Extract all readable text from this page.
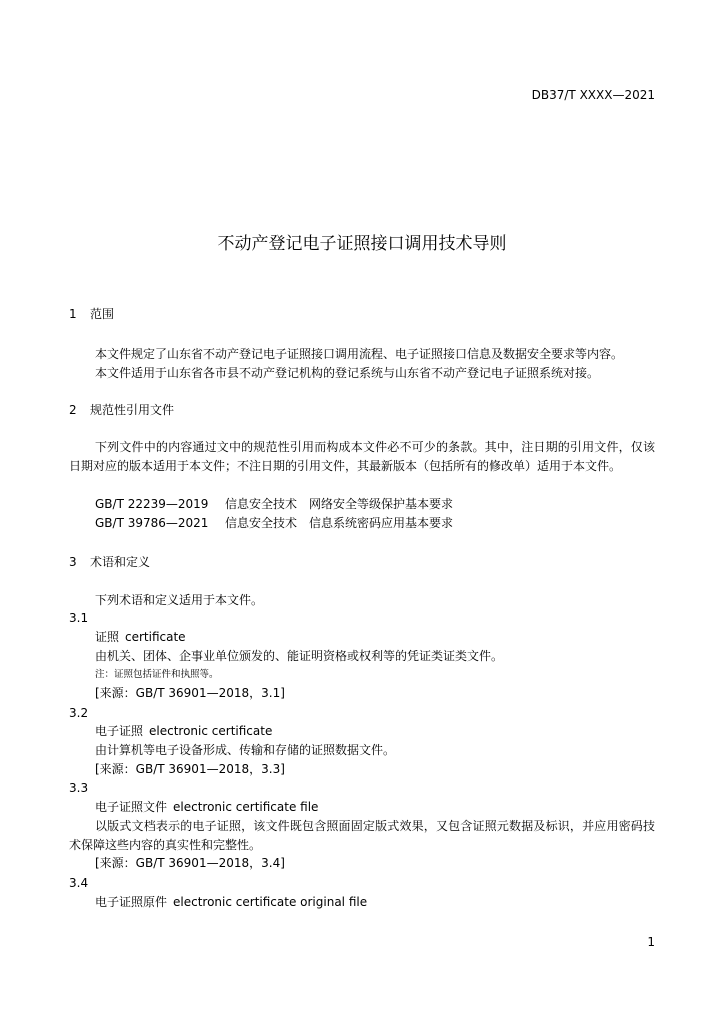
DB37/T XXXX—2021
不动产登记电子证照接口调用技术导则
1 范围
本文件规定了山东省不动产登记电子证照接口调用流程、电子证照接口信息及数据安全要求等内容。
本文件适用于山东省各市县不动产登记机构的登记系统与山东省不动产登记电子证照系统对接。
2 规范性引用文件
下列文件中的内容通过文中的规范性引用而构成本文件必不可少的条款。其中，注日期的引用文件，仅该日期对应的版本适用于本文件；不注日期的引用文件，其最新版本（包括所有的修改单）适用于本文件。
GB/T 22239—2019 信息安全技术　网络安全等级保护基本要求
GB/T 39786—2021 信息安全技术　信息系统密码应用基本要求
3 术语和定义
下列术语和定义适用于本文件。
3.1
证照 certificate
由机关、团体、企事业单位颁发的、能证明资格或权利等的凭证类证类文件。
注：证照包括证件和执照等。
[来源：GB/T 36901—2018，3.1]
3.2
电子证照 electronic certificate
由计算机等电子设备形成、传输和存储的证照数据文件。
[来源：GB/T 36901—2018，3.3]
3.3
电子证照文件 electronic certificate file
以版式文档表示的电子证照，该文件既包含照面固定版式效果，又包含证照元数据及标识，并应用密码技术保障这些内容的真实性和完整性。
[来源：GB/T 36901—2018，3.4]
3.4
电子证照原件 electronic certificate original file
1
